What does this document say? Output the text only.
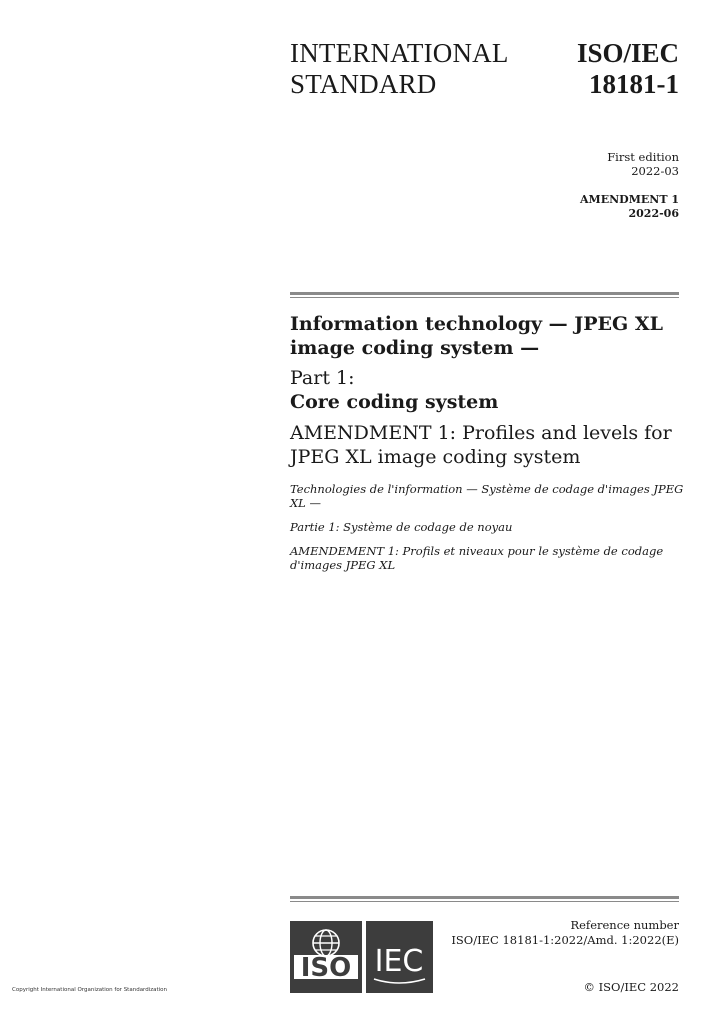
INTERNATIONAL
STANDARD
ISO/IEC
18181-1
First edition
2022-03
AMENDMENT 1
2022-06

Information technology — JPEG XL
image coding system —

Part 1:

Core coding system

AMENDMENT 1: Profiles and levels for
JPEG XL image coding system

Technologies de l'information — Système de codage d'images JPEG
XL —

Partie 1: Système de codage de noyau

AMENDEMENT 1: Profils et niveaux pour le système de codage
d'images JPEG XL

ISO IEC
Reference number
ISO/IEC 18181-1:2022/Amd. 1:2022(E)
© ISO/IEC 2022
Copyright International Organization for Standardization
